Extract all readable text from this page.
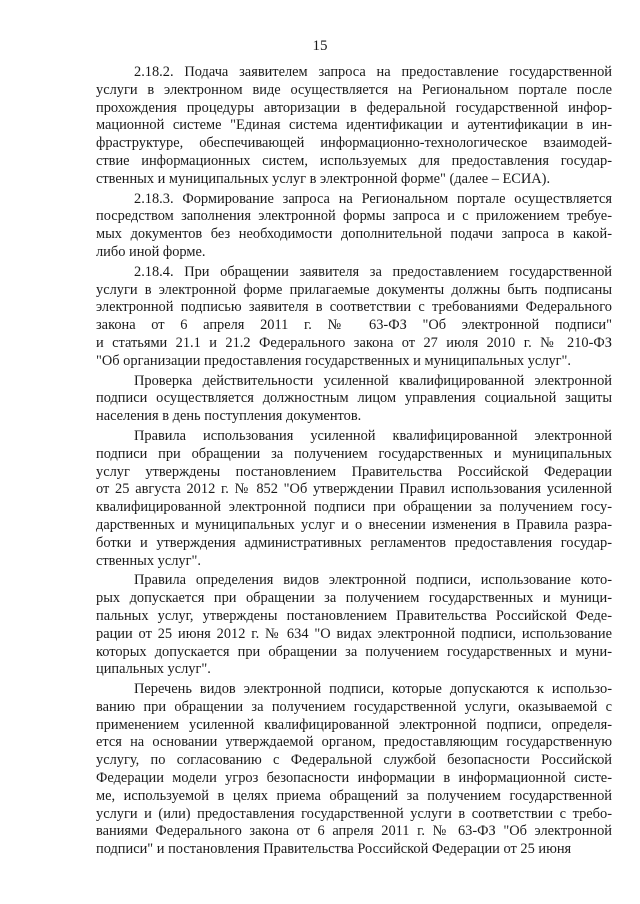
15
2.18.2. Подача заявителем запроса на предоставление государственной
услуги в электронном виде осуществляется на Региональном портале после
прохождения процедуры авторизации в федеральной государственной инфор-
мационной системе "Единая система идентификации и аутентификации в ин-
фраструктуре, обеспечивающей информационно-технологическое взаимодей-
ствие информационных систем, используемых для предоставления государ-
ственных и муниципальных услуг в электронной форме" (далее – ЕСИА).
2.18.3. Формирование запроса на Региональном портале осуществляется
посредством заполнения электронной формы запроса и с приложением требуе-
мых документов без необходимости дополнительной подачи запроса в какой-
либо иной форме.
2.18.4. При обращении заявителя за предоставлением государственной
услуги в электронной форме прилагаемые документы должны быть подписаны
электронной подписью заявителя в соответствии с требованиями Федерального
закона от 6 апреля 2011 г. № 63-ФЗ "Об электронной подписи"
и статьями 21.1 и 21.2 Федерального закона от 27 июля 2010 г. № 210-ФЗ
"Об организации предоставления государственных и муниципальных услуг".
Проверка действительности усиленной квалифицированной электронной
подписи осуществляется должностным лицом управления социальной защиты
населения в день поступления документов.
Правила использования усиленной квалифицированной электронной
подписи при обращении за получением государственных и муниципальных
услуг утверждены постановлением Правительства Российской Федерации
от 25 августа 2012 г. № 852 "Об утверждении Правил использования усиленной
квалифицированной электронной подписи при обращении за получением госу-
дарственных и муниципальных услуг и о внесении изменения в Правила разра-
ботки и утверждения административных регламентов предоставления государ-
ственных услуг".
Правила определения видов электронной подписи, использование кото-
рых допускается при обращении за получением государственных и муници-
пальных услуг, утверждены постановлением Правительства Российской Феде-
рации от 25 июня 2012 г. № 634 "О видах электронной подписи, использование
которых допускается при обращении за получением государственных и муни-
ципальных услуг".
Перечень видов электронной подписи, которые допускаются к использо-
ванию при обращении за получением государственной услуги, оказываемой с
применением усиленной квалифицированной электронной подписи, определя-
ется на основании утверждаемой органом, предоставляющим государственную
услугу, по согласованию с Федеральной службой безопасности Российской
Федерации модели угроз безопасности информации в информационной систе-
ме, используемой в целях приема обращений за получением государственной
услуги и (или) предоставления государственной услуги в соответствии с требо-
ваниями Федерального закона от 6 апреля 2011 г. № 63-ФЗ "Об электронной
подписи" и постановления Правительства Российской Федерации от 25 июня
